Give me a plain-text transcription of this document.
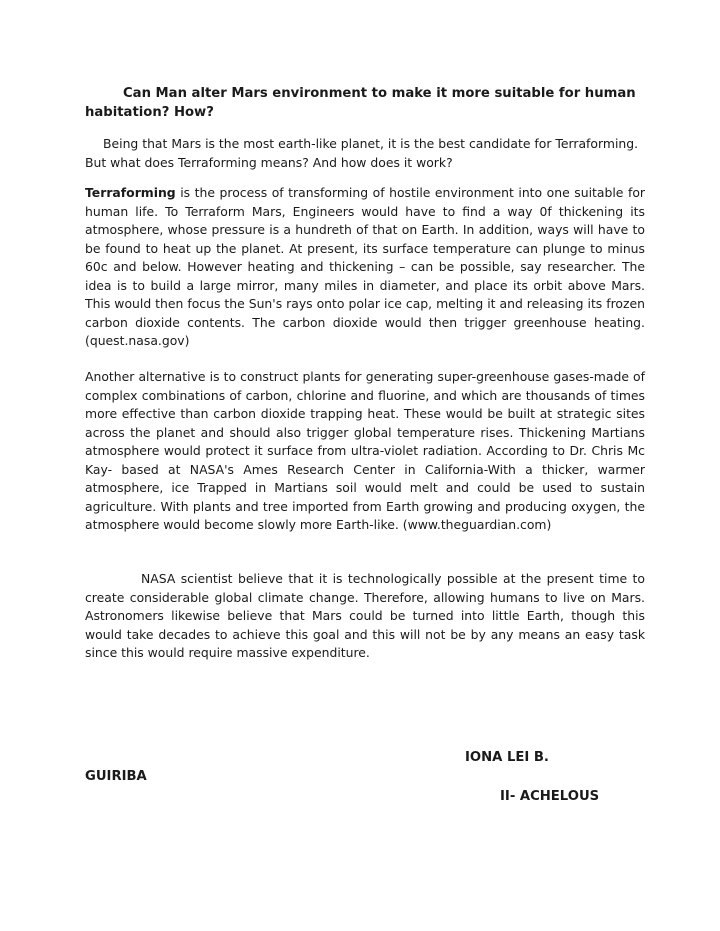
Can Man alter Mars environment to make it more suitable for human habitation? How?

Being that Mars is the most earth-like planet, it is the best candidate for Terraforming. But what does Terraforming means? And how does it work?

Terraforming is the process of transforming of hostile environment into one suitable for human life. To Terraform Mars, Engineers would have to find a way 0f thickening its atmosphere, whose pressure is a hundreth of that on Earth. In addition, ways will have to be found to heat up the planet. At present, its surface temperature can plunge to minus 60c and below. However heating and thickening – can be possible, say researcher. The idea is to build a large mirror, many miles in diameter, and place its orbit above Mars. This would then focus the Sun's rays onto polar ice cap, melting it and releasing its frozen carbon dioxide contents. The carbon dioxide would then trigger greenhouse heating. (quest.nasa.gov)

Another alternative is to construct plants for generating super-greenhouse gases-made of complex combinations of carbon, chlorine and fluorine, and which are thousands of times more effective than carbon dioxide trapping heat. These would be built at strategic sites across the planet and should also trigger global temperature rises. Thickening Martians atmosphere would protect it surface from ultra-violet radiation. According to Dr. Chris Mc Kay- based at NASA's Ames Research Center in California-With a thicker, warmer atmosphere, ice Trapped in Martians soil would melt and could be used to sustain agriculture. With plants and tree imported from Earth growing and producing oxygen, the atmosphere would become slowly more Earth-like. (www.theguardian.com)

NASA scientist believe that it is technologically possible at the present time to create considerable global climate change. Therefore, allowing humans to live on Mars. Astronomers likewise believe that Mars could be turned into little Earth, though this would take decades to achieve this goal and this will not be by any means an easy task since this would require massive expenditure.

IONA LEI B.

GUIRIBA

II- ACHELOUS
